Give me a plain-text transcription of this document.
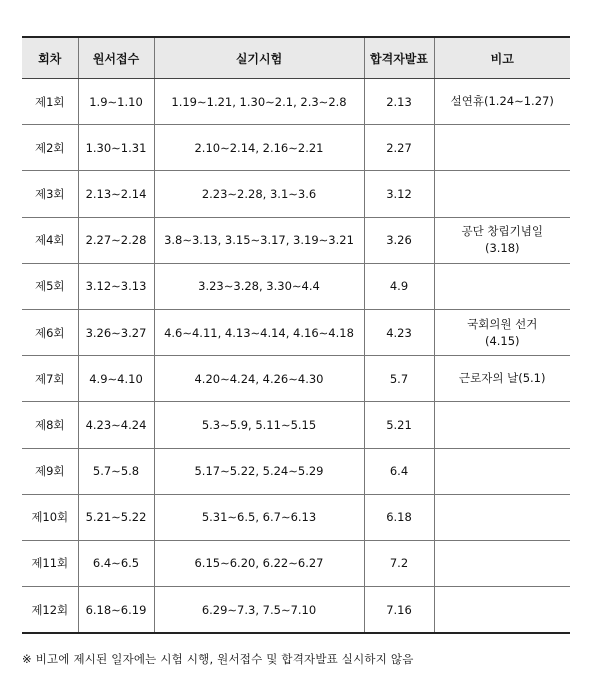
회차	원서접수	실기시험	합격자발표	비고
제1회	1.9∼1.10	1.19∼1.21, 1.30∼2.1, 2.3∼2.8	2.13	설연휴(1.24∼1.27)

제2회	1.30∼1.31	2.10∼2.14, 2.16∼2.21	2.27	
제3회	2.13∼2.14	2.23∼2.28, 3.1∼3.6	3.12	
제4회	2.27∼2.28	3.8∼3.13, 3.15∼3.17, 3.19∼3.21	3.26	공단 창립기념일
(3.18)

제5회	3.12∼3.13	3.23∼3.28, 3.30∼4.4	4.9	
제6회	3.26∼3.27	4.6∼4.11, 4.13∼4.14, 4.16∼4.18	4.23	국회의원 선거
(4.15)

제7회	4.9∼4.10	4.20∼4.24, 4.26∼4.30	5.7	근로자의 날(5.1)

제8회	4.23∼4.24	5.3∼5.9, 5.11∼5.15	5.21	
제9회	5.7∼5.8	5.17∼5.22, 5.24∼5.29	6.4	
제10회	5.21∼5.22	5.31∼6.5, 6.7∼6.13	6.18	
제11회	6.4∼6.5	6.15∼6.20, 6.22∼6.27	7.2	
제12회	6.18∼6.19	6.29∼7.3, 7.5∼7.10	7.16	
※ 비고에 제시된 일자에는 시험 시행, 원서접수 및 합격자발표 실시하지 않음
